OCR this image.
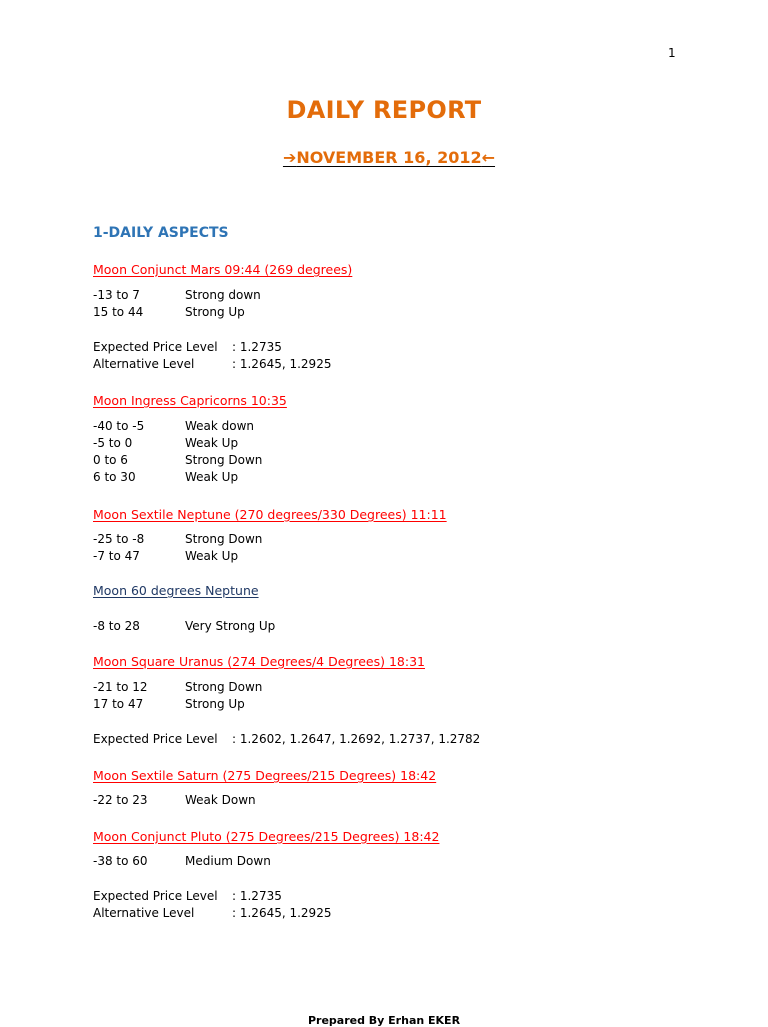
1
DAILY REPORT
➔NOVEMBER 16, 2012←
1-DAILY ASPECTS
Moon Conjunct Mars 09:44 (269 degrees)
-13 to 7	Strong down
15 to 44	Strong Up
Expected Price Level : 1.2735
Alternative Level	: 1.2645, 1.2925
Moon Ingress Capricorns 10:35
-40 to -5	Weak down
-5 to 0	Weak Up
0 to 6	Strong Down
6 to 30	Weak Up
Moon Sextile Neptune (270 degrees/330 Degrees) 11:11
-25 to -8	Strong Down
-7 to 47	Weak Up
Moon 60 degrees Neptune
-8 to 28	Very Strong Up
Moon Square Uranus (274 Degrees/4 Degrees) 18:31
-21 to 12	Strong Down
17 to 47	Strong Up
Expected Price Level : 1.2602, 1.2647, 1.2692, 1.2737, 1.2782
Moon Sextile Saturn (275 Degrees/215 Degrees) 18:42
-22 to 23	Weak Down
Moon Conjunct Pluto (275 Degrees/215 Degrees) 18:42
-38 to 60	Medium Down
Expected Price Level : 1.2735
Alternative Level	: 1.2645, 1.2925
Prepared By Erhan EKER
